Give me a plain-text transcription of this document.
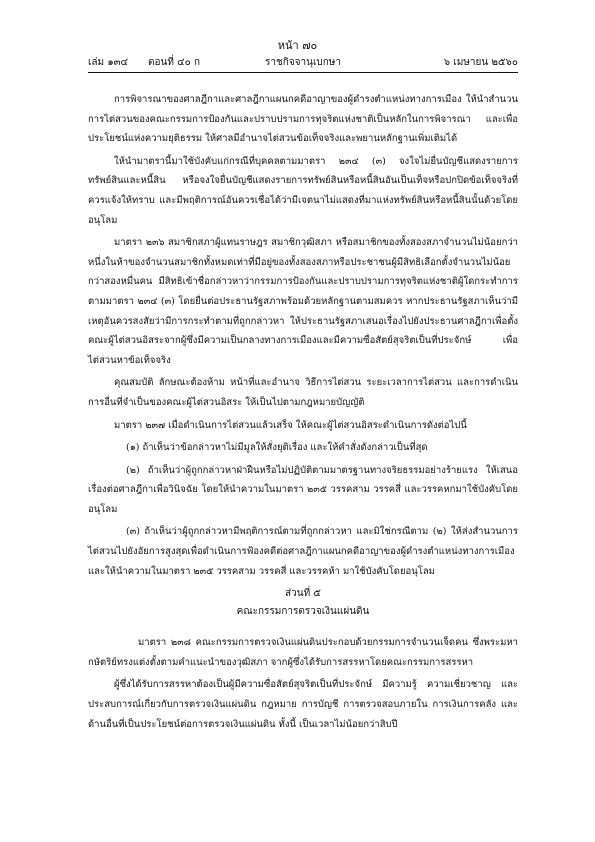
หน้า ๗๐
เล่ม ๑๓๔ ตอนที่ ๔๐ ก	ราชกิจจานุเบกษา	๖ เมษายน ๒๕๖๐

การพิจารณาของศาลฎีกาและศาลฎีกาแผนกคดีอาญาของผู้ดำรงตำแหน่งทางการเมือง ให้นำสำนวนการไต่สวนของคณะกรรมการป้องกันและปราบปรามการทุจริตแห่งชาติเป็นหลักในการพิจารณา และเพื่อประโยชน์แห่งความยุติธรรม ให้ศาลมีอำนาจไต่สวนข้อเท็จจริงและพยานหลักฐานเพิ่มเติมได้

ให้นำมาตรานี้มาใช้บังคับแก่กรณีที่บุคคลตามมาตรา ๒๓๔ (๓) จงใจไม่ยื่นบัญชีแสดงรายการทรัพย์สินและหนี้สิน หรือจงใจยื่นบัญชีแสดงรายการทรัพย์สินหรือหนี้สินอันเป็นเท็จหรือปกปิดข้อเท็จจริงที่ควรแจ้งให้ทราบ และมีพฤติการณ์อันควรเชื่อได้ว่ามีเจตนาไม่แสดงที่มาแห่งทรัพย์สินหรือหนี้สินนั้นด้วยโดยอนุโลม

มาตรา ๒๓๖ สมาชิกสภาผู้แทนราษฎร สมาชิกวุฒิสภา หรือสมาชิกของทั้งสองสภาจำนวนไม่น้อยกว่าหนึ่งในห้าของจำนวนสมาชิกทั้งหมดเท่าที่มีอยู่ของทั้งสองสภาหรือประชาชนผู้มีสิทธิเลือกตั้งจำนวนไม่น้อยกว่าสองหมื่นคน มีสิทธิเข้าชื่อกล่าวหาว่ากรรมการป้องกันและปราบปรามการทุจริตแห่งชาติผู้ใดกระทำการตามมาตรา ๒๓๔ (๓) โดยยื่นต่อประธานรัฐสภาพร้อมด้วยหลักฐานตามสมควร หากประธานรัฐสภาเห็นว่ามีเหตุอันควรสงสัยว่ามีการกระทำตามที่ถูกกล่าวหา ให้ประธานรัฐสภาเสนอเรื่องไปยังประธานศาลฎีกาเพื่อตั้งคณะผู้ไต่สวนอิสระจากผู้ซึ่งมีความเป็นกลางทางการเมืองและมีความซื่อสัตย์สุจริตเป็นที่ประจักษ์ เพื่อไต่สวนหาข้อเท็จจริง

คุณสมบัติ ลักษณะต้องห้าม หน้าที่และอำนาจ วิธีการไต่สวน ระยะเวลาการไต่สวน และการดำเนินการอื่นที่จำเป็นของคณะผู้ไต่สวนอิสระ ให้เป็นไปตามกฎหมายบัญญัติ

มาตรา ๒๓๗ เมื่อดำเนินการไต่สวนแล้วเสร็จ ให้คณะผู้ไต่สวนอิสระดำเนินการดังต่อไปนี้

(๑) ถ้าเห็นว่าข้อกล่าวหาไม่มีมูลให้สั่งยุติเรื่อง และให้คำสั่งดังกล่าวเป็นที่สุด

(๒) ถ้าเห็นว่าผู้ถูกกล่าวหาฝ่าฝืนหรือไม่ปฏิบัติตามมาตรฐานทางจริยธรรมอย่างร้ายแรง ให้เสนอเรื่องต่อศาลฎีกาเพื่อวินิจฉัย โดยให้นำความในมาตรา ๒๓๕ วรรคสาม วรรคสี่ และวรรคหกมาใช้บังคับโดยอนุโลม

(๓) ถ้าเห็นว่าผู้ถูกกล่าวหามีพฤติการณ์ตามที่ถูกกล่าวหา และมิใช่กรณีตาม (๒) ให้ส่งสำนวนการไต่สวนไปยังอัยการสูงสุดเพื่อดำเนินการฟ้องคดีต่อศาลฎีกาแผนกคดีอาญาของผู้ดำรงตำแหน่งทางการเมือง และให้นำความในมาตรา ๒๓๕ วรรคสาม วรรคสี่ และวรรคห้า มาใช้บังคับโดยอนุโลม

ส่วนที่ ๕
คณะกรรมการตรวจเงินแผ่นดิน

มาตรา ๒๓๘ คณะกรรมการตรวจเงินแผ่นดินประกอบด้วยกรรมการจำนวนเจ็ดคน ซึ่งพระมหากษัตริย์ทรงแต่งตั้งตามคำแนะนำของวุฒิสภา จากผู้ซึ่งได้รับการสรรหาโดยคณะกรรมการสรรหา

ผู้ซึ่งได้รับการสรรหาต้องเป็นผู้มีความซื่อสัตย์สุจริตเป็นที่ประจักษ์ มีความรู้ ความเชี่ยวชาญ และประสบการณ์เกี่ยวกับการตรวจเงินแผ่นดิน กฎหมาย การบัญชี การตรวจสอบภายใน การเงินการคลัง และด้านอื่นที่เป็นประโยชน์ต่อการตรวจเงินแผ่นดิน ทั้งนี้ เป็นเวลาไม่น้อยกว่าสิบปี
